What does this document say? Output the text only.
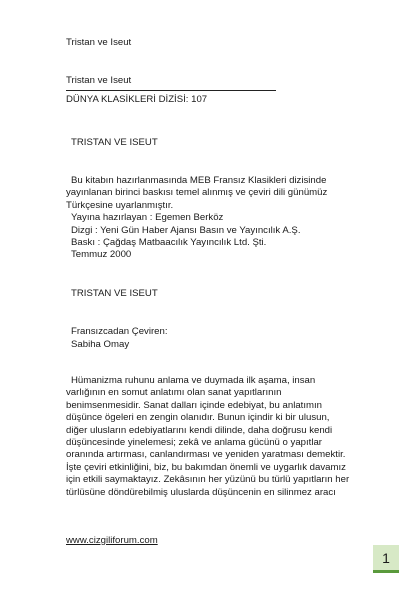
Tristan ve Iseut
Tristan ve Iseut
DÜNYA KLASİKLERİ DİZİSİ: 107
TRISTAN VE ISEUT
Bu kitabın hazırlanmasında MEB Fransız Klasikleri dizisinde
yayınlanan birinci baskısı temel alınmış ve çeviri dili günümüz
Türkçesine uyarlanmıştır.
Yayına hazırlayan : Egemen Berköz
Dizgi : Yeni Gün Haber Ajansı Basın ve Yayıncılık A.Ş.
Baskı : Çağdaş Matbaacılık Yayıncılık Ltd. Şti.
Temmuz 2000
TRISTAN VE ISEUT
Fransızcadan Çeviren:
Sabiha Omay
Hümanizma ruhunu anlama ve duymada ilk aşama, insan
varlığının en somut anlatımı olan sanat yapıtlarının
benimsenmesidir. Sanat dalları içinde edebiyat, bu anlatımın
düşünce ögeleri en zengin olanıdır. Bunun içindir ki bir ulusun,
diğer ulusların edebiyatlarını kendi dilinde, daha doğrusu kendi
düşüncesinde yinelemesi; zekâ ve anlama gücünü o yapıtlar
oranında artırması, canlandırması ve yeniden yaratması demektir.
İşte çeviri etkinliğini, biz, bu bakımdan önemli ve uygarlık davamız
için etkili saymaktayız. Zekâsının her yüzünü bu türlü yapıtların her
türlüsüne döndürebilmiş uluslarda düşüncenin en silinmez aracı
www.cizgiliforum.com
1
